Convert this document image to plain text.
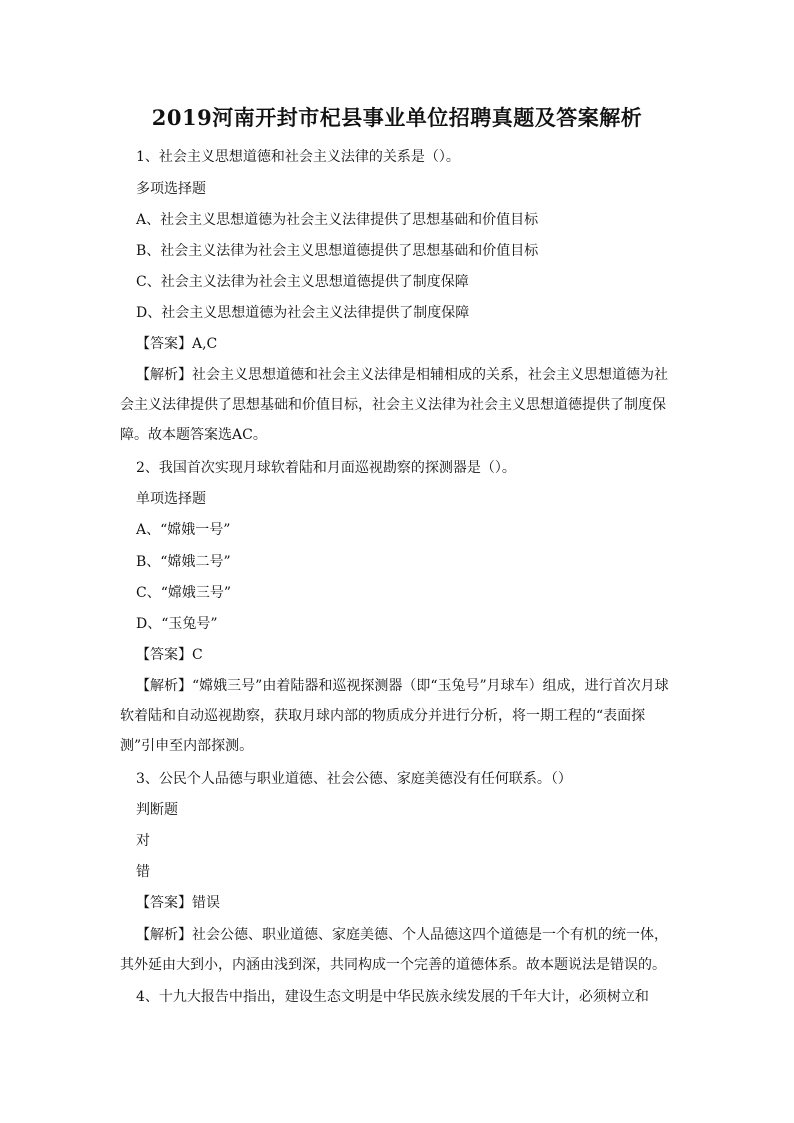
2019河南开封市杞县事业单位招聘真题及答案解析
1、社会主义思想道德和社会主义法律的关系是（）。
多项选择题
A、社会主义思想道德为社会主义法律提供了思想基础和价值目标
B、社会主义法律为社会主义思想道德提供了思想基础和价值目标
C、社会主义法律为社会主义思想道德提供了制度保障
D、社会主义思想道德为社会主义法律提供了制度保障
【答案】A,C
【解析】社会主义思想道德和社会主义法律是相辅相成的关系，社会主义思想道德为社会主义法律提供了思想基础和价值目标，社会主义法律为社会主义思想道德提供了制度保障。故本题答案选AC。
2、我国首次实现月球软着陆和月面巡视勘察的探测器是（）。
单项选择题
A、“嫦娥一号”
B、“嫦娥二号”
C、“嫦娥三号”
D、“玉兔号”
【答案】C
【解析】“嫦娥三号”由着陆器和巡视探测器（即“玉兔号”月球车）组成，进行首次月球软着陆和自动巡视勘察，获取月球内部的物质成分并进行分析，将一期工程的“表面探测”引申至内部探测。
3、公民个人品德与职业道德、社会公德、家庭美德没有任何联系。（）
判断题
对
错
【答案】错误
【解析】社会公德、职业道德、家庭美德、个人品德这四个道德是一个有机的统一体，其外延由大到小，内涵由浅到深，共同构成一个完善的道德体系。故本题说法是错误的。
4、十九大报告中指出，建设生态文明是中华民族永续发展的千年大计，必须树立和
